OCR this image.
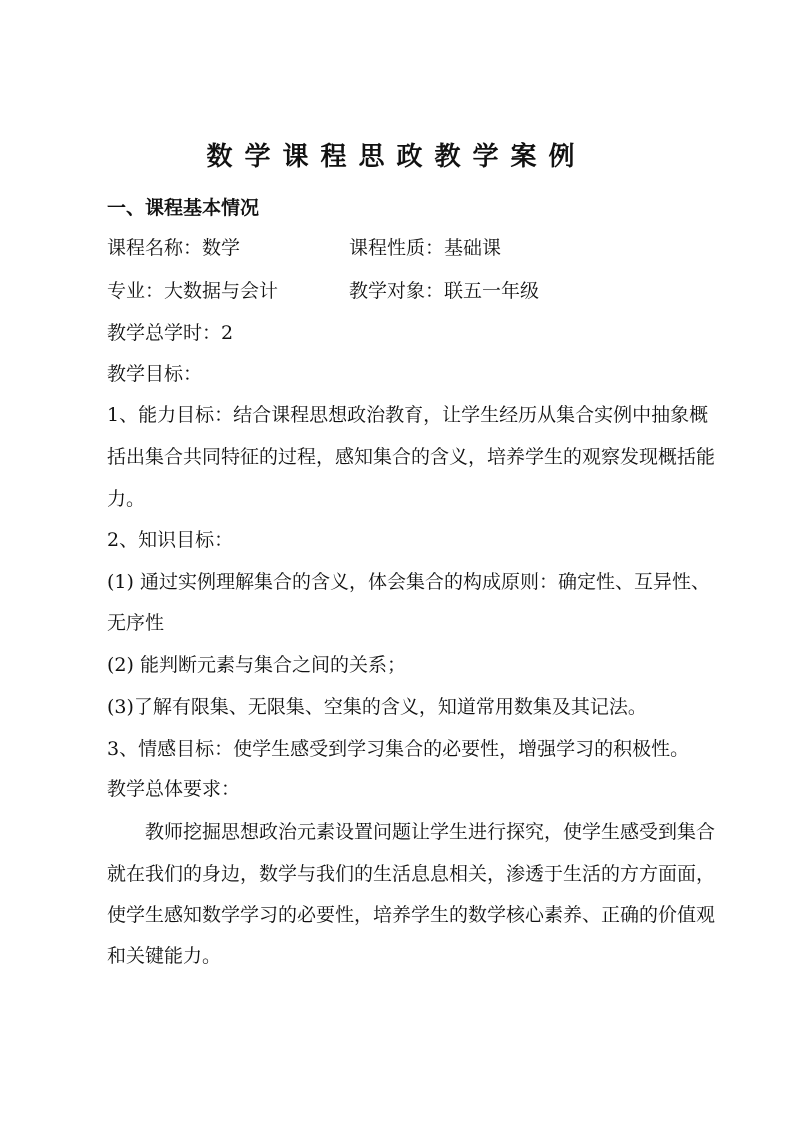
数学课程思政教学案例
一、课程基本情况
课程名称：数学	课程性质：基础课
专业：大数据与会计	教学对象：联五一年级
教学总学时：2
教学目标：
1、能力目标：结合课程思想政治教育，让学生经历从集合实例中抽象概
括出集合共同特征的过程，感知集合的含义，培养学生的观察发现概括能
力。
2、知识目标：
(1) 通过实例理解集合的含义，体会集合的构成原则：确定性、互异性、
无序性
(2) 能判断元素与集合之间的关系；
(3)了解有限集、无限集、空集的含义，知道常用数集及其记法。
3、情感目标：使学生感受到学习集合的必要性，增强学习的积极性。
教学总体要求：
教师挖掘思想政治元素设置问题让学生进行探究，使学生感受到集合
就在我们的身边，数学与我们的生活息息相关，渗透于生活的方方面面，
使学生感知数学学习的必要性，培养学生的数学核心素养、正确的价值观
和关键能力。
